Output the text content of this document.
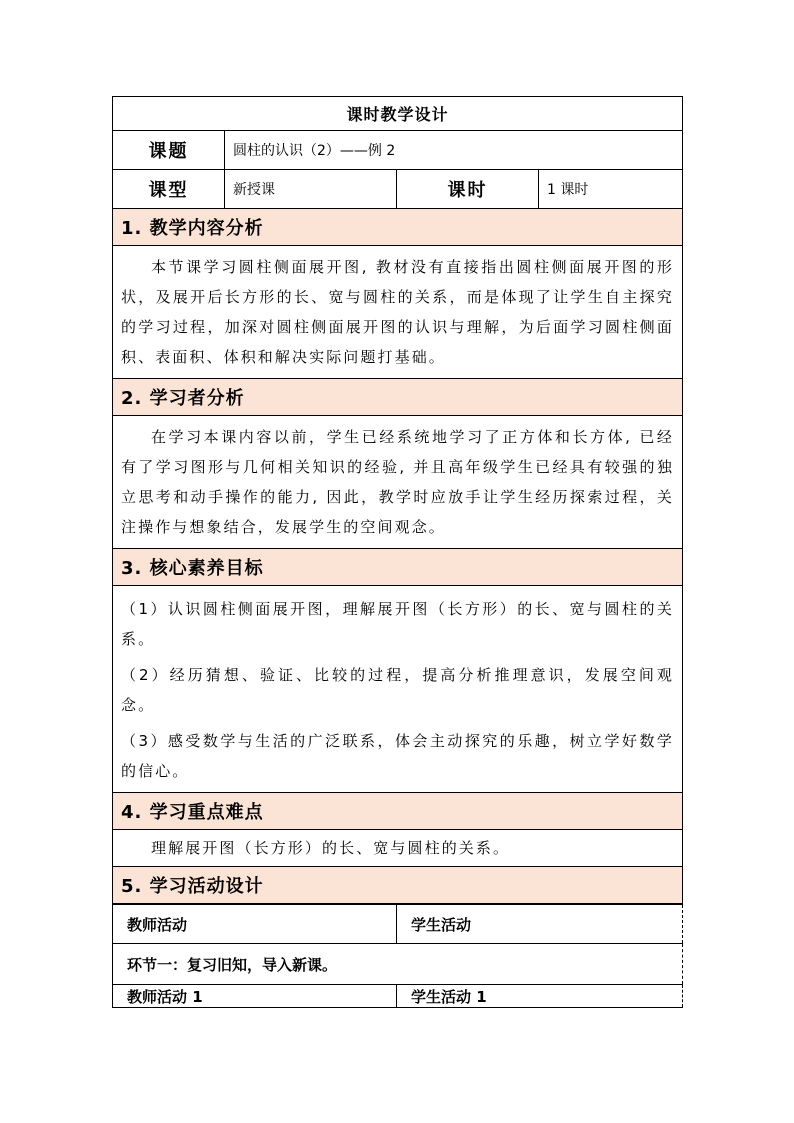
课时教学设计			
课题	圆柱的认识（2）——例 2		
课型	新授课	课时	1 课时
1. 教学内容分析			
本节课学习圆柱侧面展开图, 教材没有直接指出圆柱侧面展开图的形状，及展开后长方形的长、宽与圆柱的关系，而是体现了让学生自主探究的学习过程，加深对圆柱侧面展开图的认识与理解，为后面学习圆柱侧面积、表面积、体积和解决实际问题打基础。			
2. 学习者分析			
在学习本课内容以前，学生已经系统地学习了正方体和长方体, 已经有了学习图形与几何相关知识的经验, 并且高年级学生已经具有较强的独立思考和动手操作的能力, 因此，教学时应放手让学生经历探索过程，关注操作与想象结合，发展学生的空间观念。			
3. 核心素养目标			

（1）认识圆柱侧面展开图，理解展开图（长方形）的长、宽与圆柱的关系。

（2）经历猜想、验证、比较的过程，提高分析推理意识，发展空间观念。

（3）感受数学与生活的广泛联系，体会主动探究的乐趣，树立学好数学的信心。			

4. 学习重点难点			
理解展开图（长方形）的长、宽与圆柱的关系。			
5. 学习活动设计			
教师活动	学生活动
环节一：复习旧知，导入新课。	
教师活动 1	学生活动 1
